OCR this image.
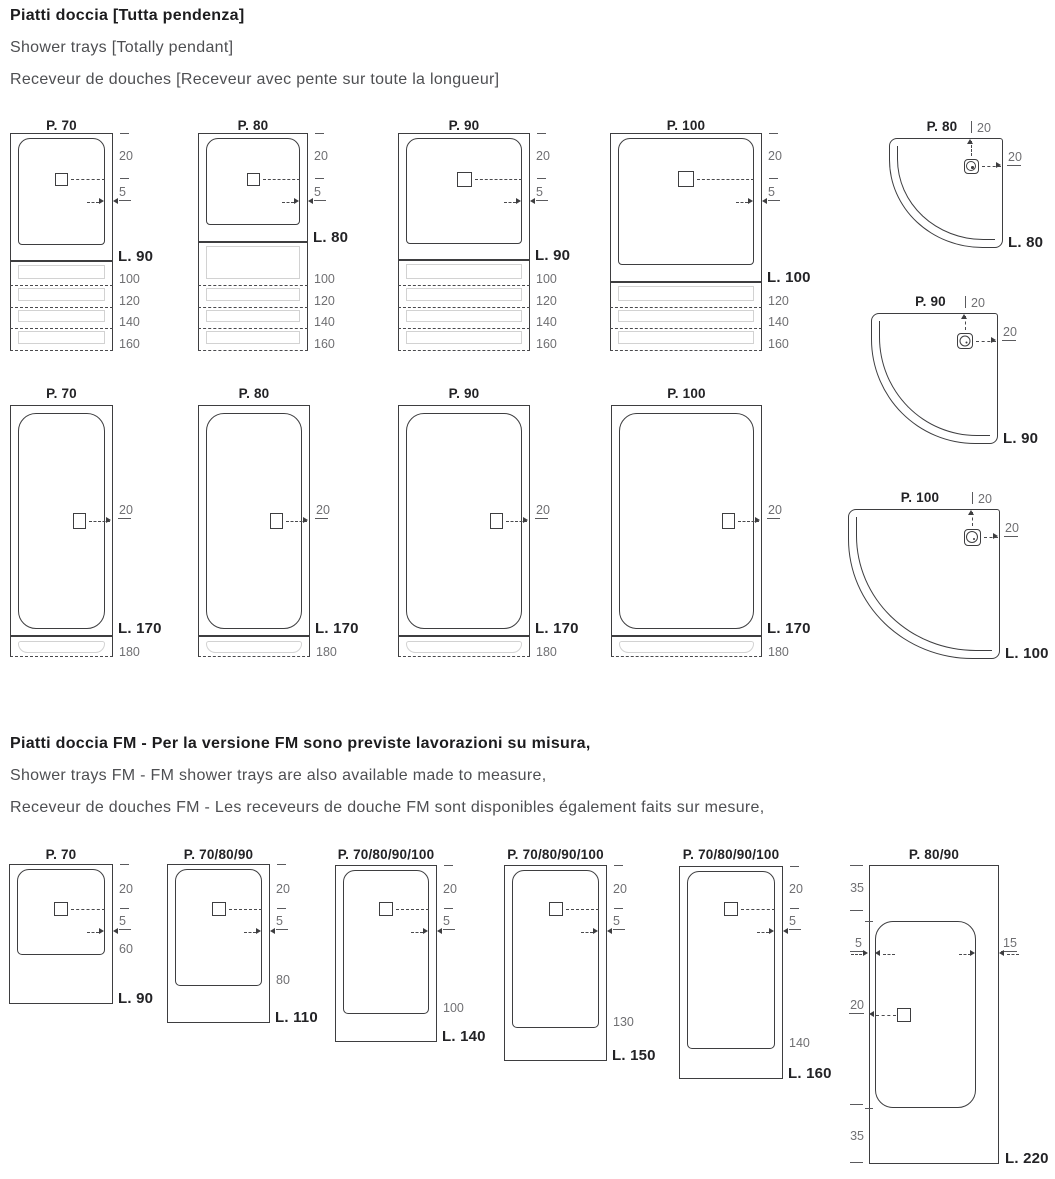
Piatti doccia [Tutta pendenza]
Shower trays [Totally pendant]
Receveur de douches [Receveur avec pente sur toute la longueur]
Piatti doccia FM - Per la versione FM sono previste lavorazioni su misura,
Shower trays FM - FM shower trays are also available made to measure,
Receveur de douches FM - Les receveurs de douche FM sont disponibles également faits sur mesure,
P. 70
20
5
L. 90
100
120
140
160
P. 80
20
5
L. 80
100
120
140
160
P. 90
20
5
L. 90
100
120
140
160
P. 100
20
5
L. 100
120
140
160
P. 80 20
20
L. 80
P. 90 20
20
L. 90
P. 100	20
20
L. 100
P. 70
20
L. 170
180
P. 80
20
L. 170
180
P. 90
20
L. 170
180
P. 100
20
L. 170
180
P. 70
20
5
60
L. 90
P. 70/80/90
20
5
80
L. 110
P. 70/80/90/100
20
5
100
L. 140
P. 70/80/90/100
20
5
130
L. 150
P. 70/80/90/100
20
5
140
L. 160
P. 80/90
35
5
20
35
15
L. 220
